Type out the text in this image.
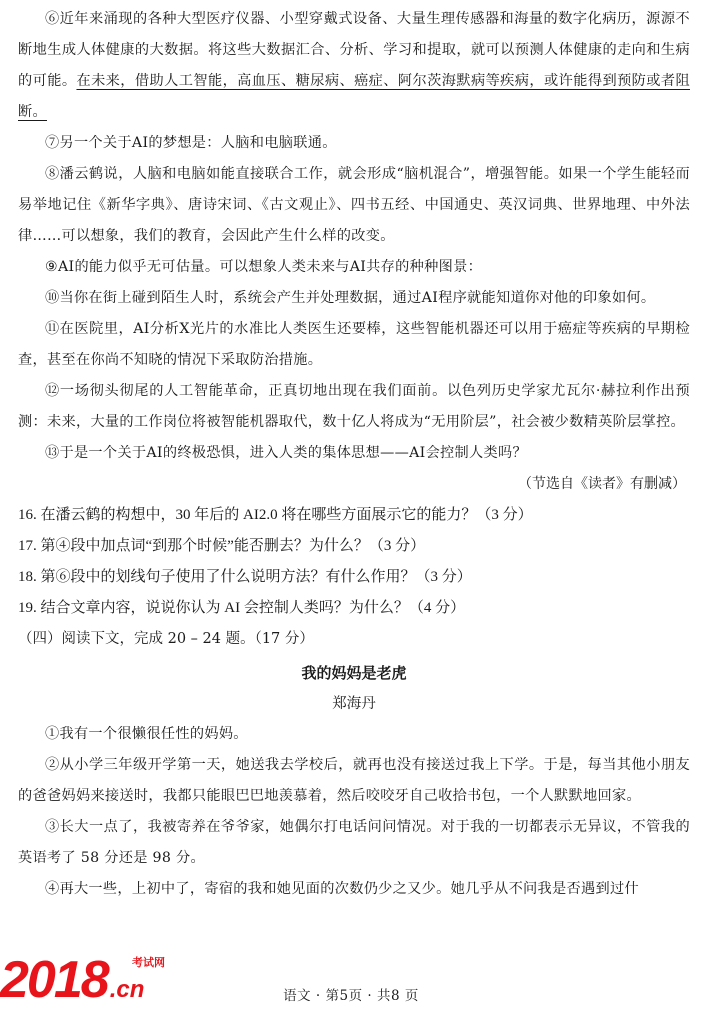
⑥近年来涌现的各种大型医疗仪器、小型穿戴式设备、大量生理传感器和海量的数字化病历，源源不断地生成人体健康的大数据。将这些大数据汇合、分析、学习和提取，就可以预测人体健康的走向和生病的可能。在未来，借助人工智能，高血压、糖尿病、癌症、阿尔茨海默病等疾病，或许能得到预防或者阻断。

⑦另一个关于AI的梦想是：人脑和电脑联通。

⑧潘云鹤说，人脑和电脑如能直接联合工作，就会形成“脑机混合”，增强智能。如果一个学生能轻而易举地记住《新华字典》、唐诗宋词、《古文观止》、四书五经、中国通史、英汉词典、世界地理、中外法律……可以想象，我们的教育，会因此产生什么样的改变。

⑨AI的能力似乎无可估量。可以想象人类未来与AI共存的种种图景：

⑩当你在街上碰到陌生人时，系统会产生并处理数据，通过AI程序就能知道你对他的印象如何。

⑪在医院里，AI分析X光片的水准比人类医生还要棒，这些智能机器还可以用于癌症等疾病的早期检查，甚至在你尚不知晓的情况下采取防治措施。

⑫一场彻头彻尾的人工智能革命，正真切地出现在我们面前。以色列历史学家尤瓦尔·赫拉利作出预测：未来，大量的工作岗位将被智能机器取代，数十亿人将成为“无用阶层”，社会被少数精英阶层掌控。

⑬于是一个关于AI的终极恐惧，进入人类的集体思想——AI会控制人类吗？

（节选自《读者》有删减）

16. 在潘云鹤的构想中，30 年后的 AI2.0 将在哪些方面展示它的能力？（3 分）

17. 第④段中加点词“到那个时候”能否删去？为什么？（3 分）

18. 第⑥段中的划线句子使用了什么说明方法？有什么作用？（3 分）

19. 结合文章内容，说说你认为 AI 会控制人类吗？为什么？（4 分）

（四）阅读下文，完成 20 – 24 题。（17 分）

我的妈妈是老虎

郑海丹

①我有一个很懒很任性的妈妈。

②从小学三年级开学第一天，她送我去学校后，就再也没有接送过我上下学。于是，每当其他小朋友的爸爸妈妈来接送时，我都只能眼巴巴地羡慕着，然后咬咬牙自己收拾书包，一个人默默地回家。

③长大一点了，我被寄养在爷爷家，她偶尔打电话问问情况。对于我的一切都表示无异议，不管我的英语考了 58 分还是 98 分。

④再大一些，上初中了，寄宿的我和她见面的次数仍少之又少。她几乎从不问我是否遇到过什

语文 · 第5页 · 共8 页
2018.cn
考试网
